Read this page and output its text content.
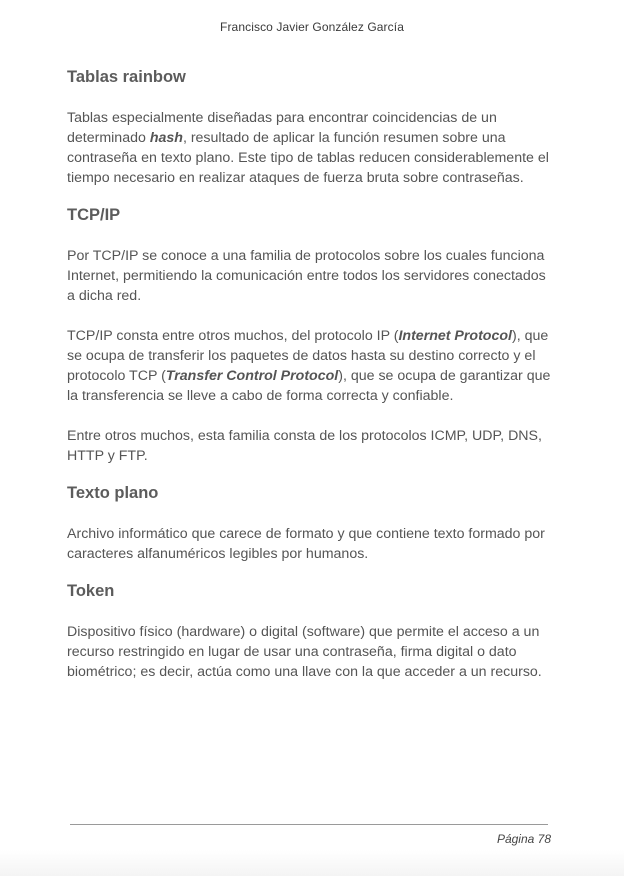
Francisco Javier González García
Tablas rainbow

Tablas especialmente diseñadas para encontrar coincidencias de un determinado hash, resultado de aplicar la función resumen sobre una contraseña en texto plano. Este tipo de tablas reducen considerablemente el tiempo necesario en realizar ataques de fuerza bruta sobre contraseñas.

TCP/IP

Por TCP/IP se conoce a una familia de protocolos sobre los cuales funciona Internet, permitiendo la comunicación entre todos los servidores conectados a dicha red.

TCP/IP consta entre otros muchos, del protocolo IP (Internet Protocol), que se ocupa de transferir los paquetes de datos hasta su destino correcto y el protocolo TCP (Transfer Control Protocol), que se ocupa de garantizar que la transferencia se lleve a cabo de forma correcta y confiable.

Entre otros muchos, esta familia consta de los protocolos ICMP, UDP, DNS, HTTP y FTP.

Texto plano

Archivo informático que carece de formato y que contiene texto formado por caracteres alfanuméricos legibles por humanos.

Token

Dispositivo físico (hardware) o digital (software) que permite el acceso a un recurso restringido en lugar de usar una contraseña, firma digital o dato biométrico; es decir, actúa como una llave con la que acceder a un recurso.

Página 78
